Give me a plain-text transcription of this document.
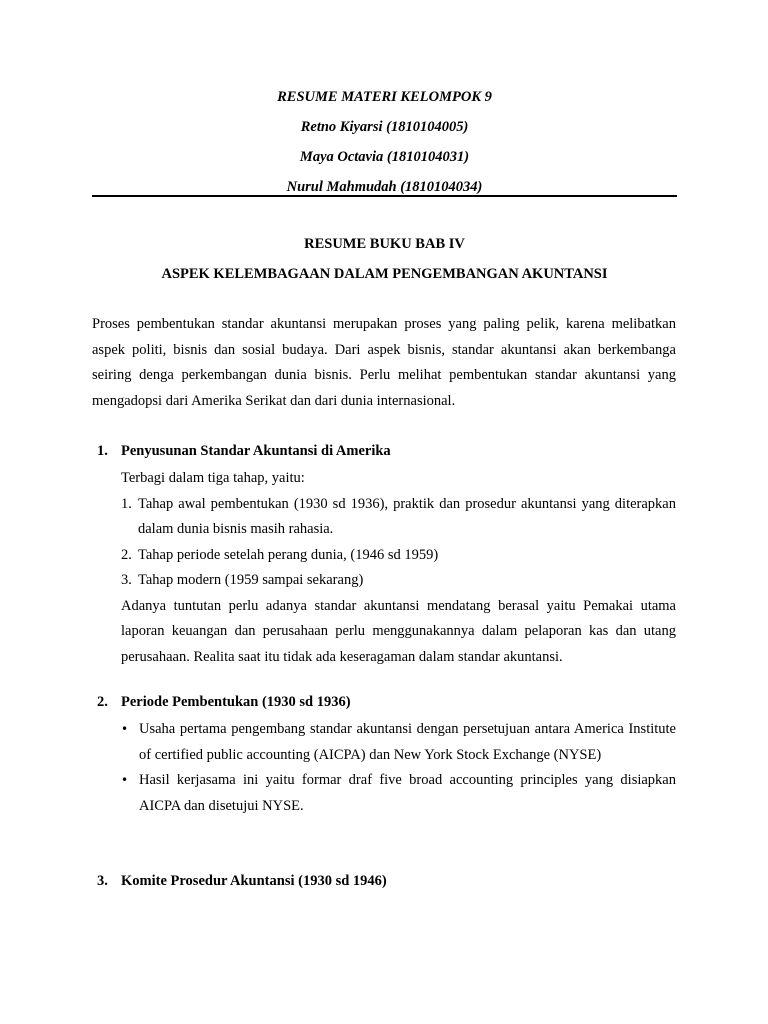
RESUME MATERI KELOMPOK 9
Retno Kiyarsi (1810104005)
Maya Octavia (1810104031)
Nurul Mahmudah (1810104034)
RESUME BUKU BAB IV
ASPEK KELEMBAGAAN DALAM PENGEMBANGAN AKUNTANSI

Proses pembentukan standar akuntansi merupakan proses yang paling pelik, karena melibatkan aspek politi, bisnis dan sosial budaya. Dari aspek bisnis, standar akuntansi akan berkembanga seiring denga perkembangan dunia bisnis. Perlu melihat pembentukan standar akuntansi yang mengadopsi dari Amerika Serikat dan dari dunia internasional.

1. Penyusunan Standar Akuntansi di Amerika
Terbagi dalam tiga tahap, yaitu:
1. Tahap awal pembentukan (1930 sd 1936), praktik dan prosedur akuntansi yang diterapkan dalam dunia bisnis masih rahasia.
2. Tahap periode setelah perang dunia, (1946 sd 1959)
3. Tahap modern (1959 sampai sekarang)
Adanya tuntutan perlu adanya standar akuntansi mendatang berasal yaitu Pemakai utama laporan keuangan dan perusahaan perlu menggunakannya dalam pelaporan kas dan utang perusahaan. Realita saat itu tidak ada keseragaman dalam standar akuntansi.
2. Periode Pembentukan (1930 sd 1936)
• Usaha pertama pengembang standar akuntansi dengan persetujuan antara America Institute of certified public accounting (AICPA) dan New York Stock Exchange (NYSE)
• Hasil kerjasama ini yaitu formar draf five broad accounting principles yang disiapkan AICPA dan disetujui NYSE.
3. Komite Prosedur Akuntansi (1930 sd 1946)
